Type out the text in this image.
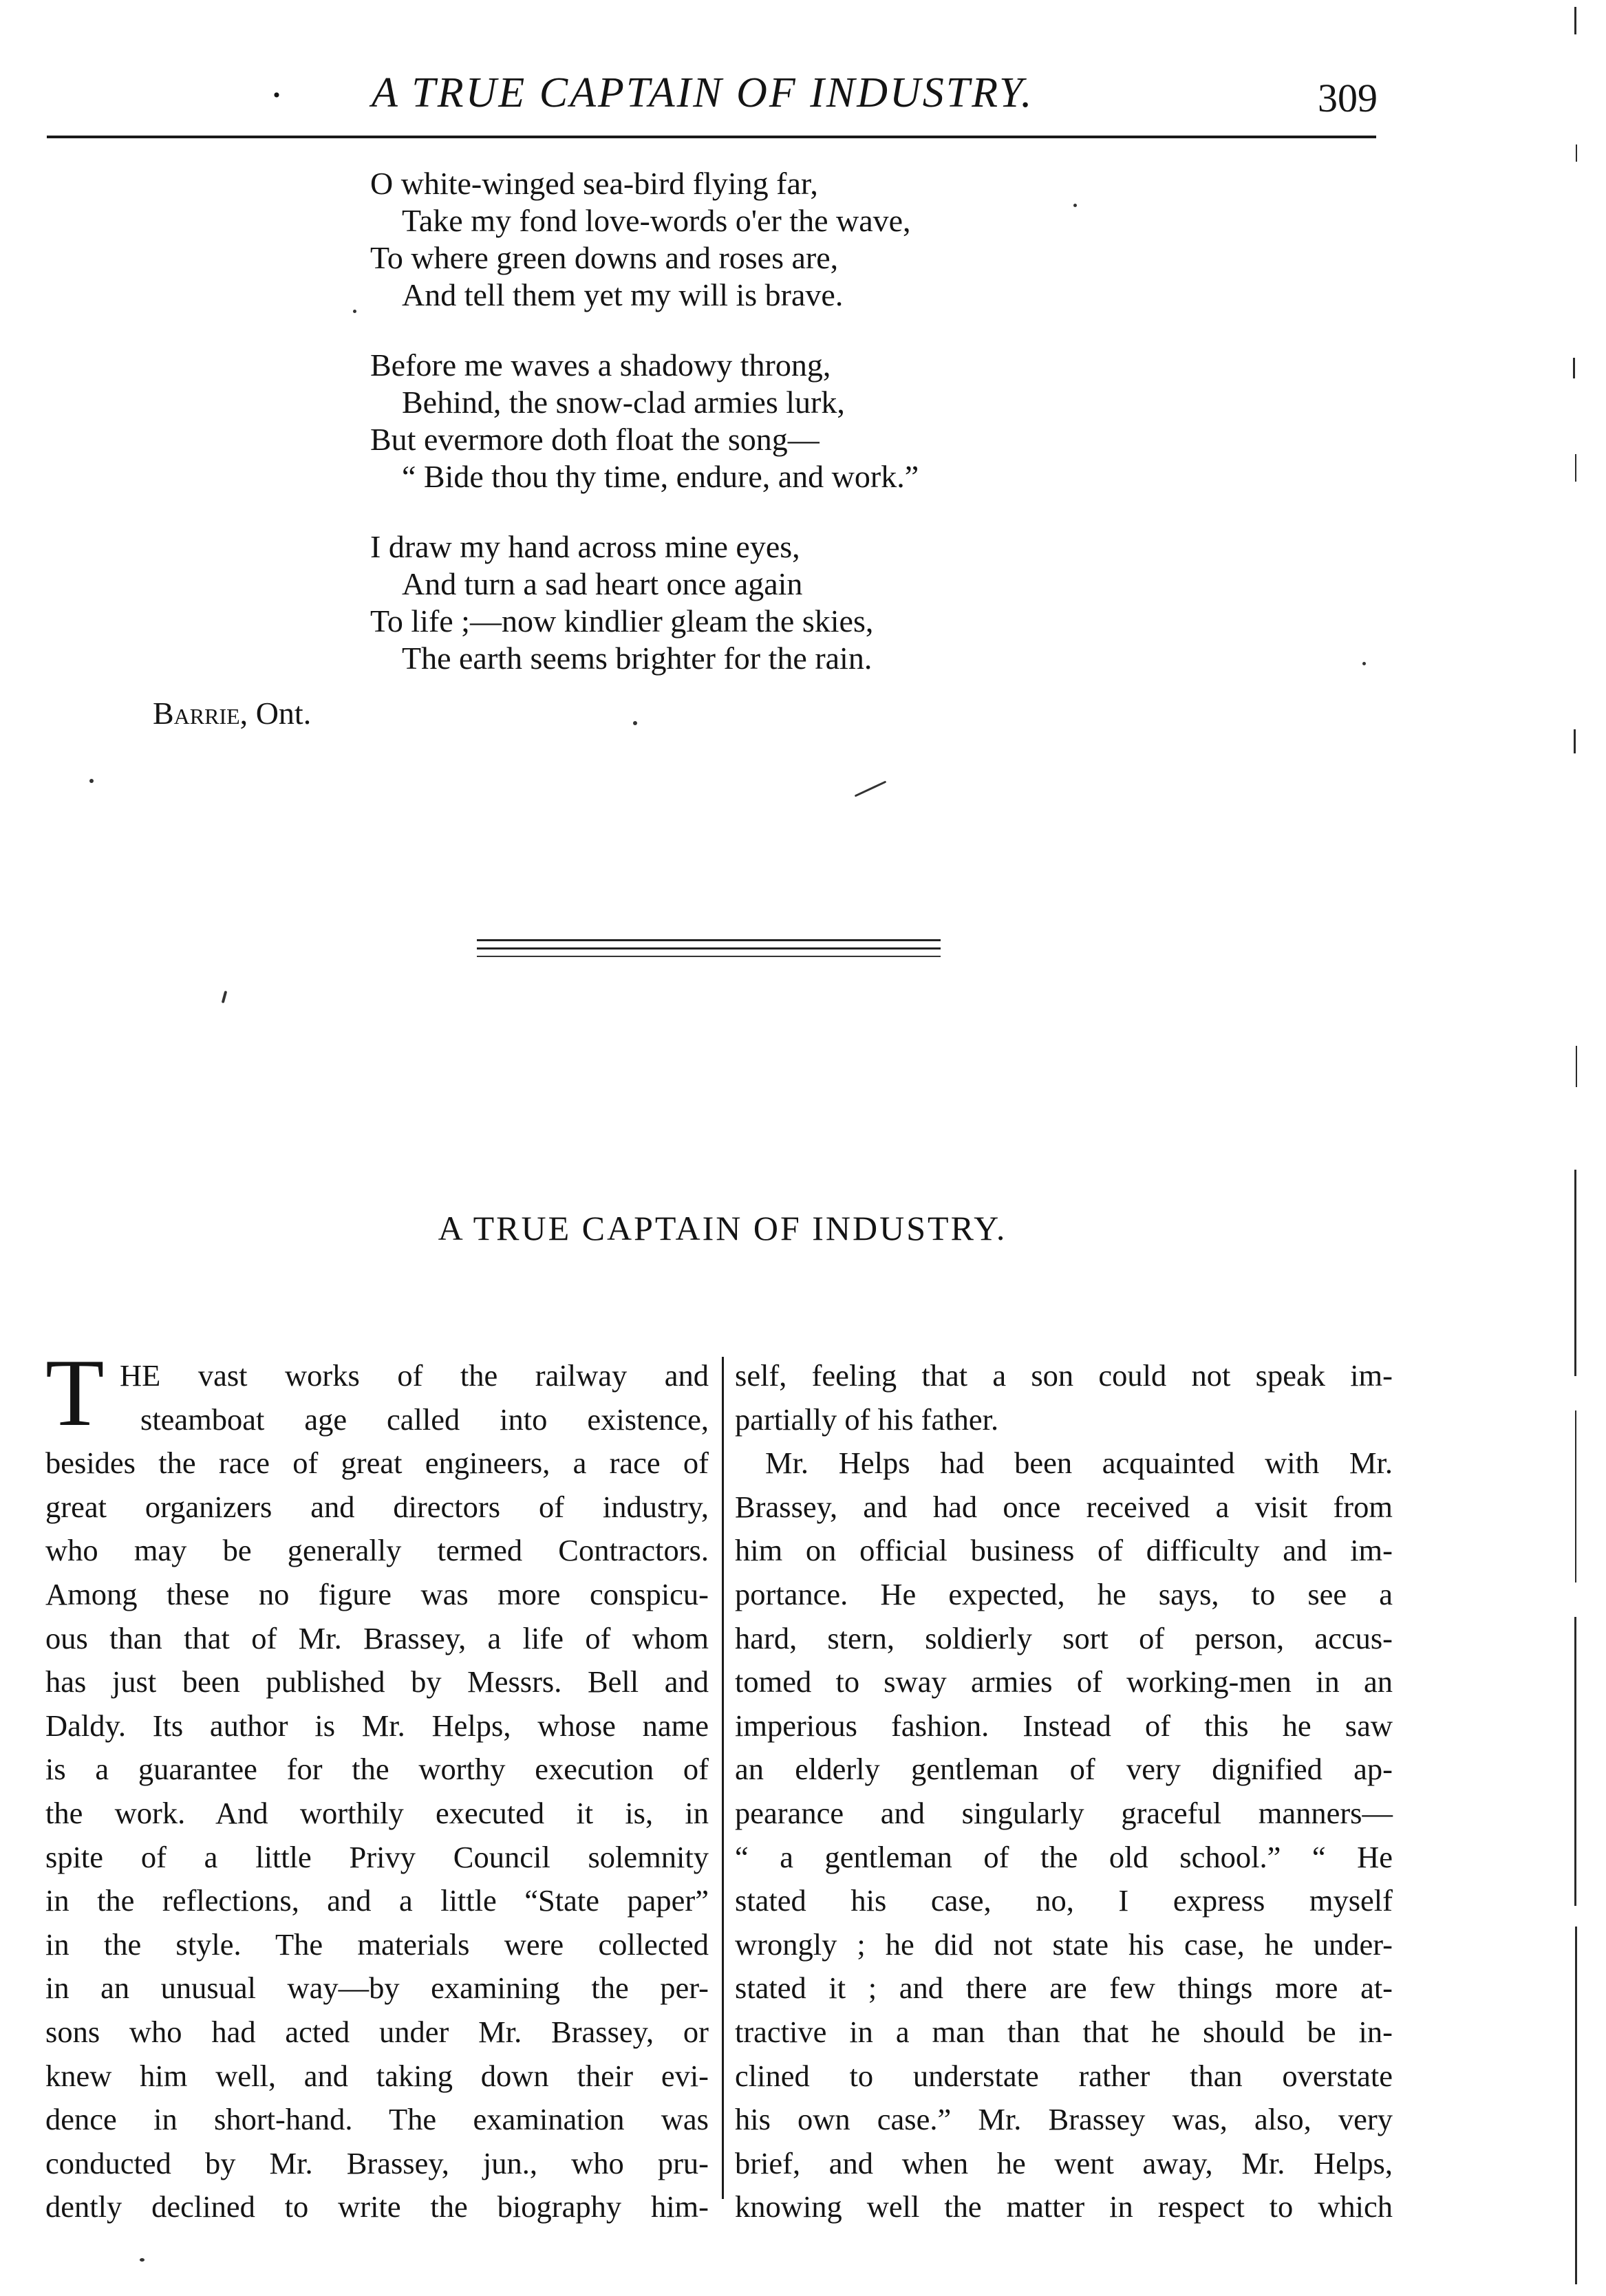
· A TRUE CAPTAIN OF INDUSTRY.	309
O white-winged sea-bird flying far,
Take my fond love-words o'er the wave,
To where green downs and roses are,
And tell them yet my will is brave.
Before me waves a shadowy throng,
Behind, the snow-clad armies lurk,
But evermore doth float the song—
“ Bide thou thy time, endure, and work.”
I draw my hand across mine eyes,
And turn a sad heart once again
To life ;—now kindlier gleam the skies,
The earth seems brighter for the rain.
Barrie, Ont.
A TRUE CAPTAIN OF INDUSTRY.
T HE vast works of the railway and
steamboat age called into existence,
besides the race of great engineers, a race of
great organizers and directors of industry,
who may be generally termed Contractors.
Among these no figure was more conspicu-
ous than that of Mr. Brassey, a life of whom
has just been published by Messrs. Bell and
Daldy. Its author is Mr. Helps, whose name
is a guarantee for the worthy execution of
the work. And worthily executed it is, in
spite of a little Privy Council solemnity
in the reflections, and a little “State paper”
in the style. The materials were collected
in an unusual way—by examining the per-
sons who had acted under Mr. Brassey, or
knew him well, and taking down their evi-
dence in short-hand. The examination was
conducted by Mr. Brassey, jun., who pru-
dently declined to write the biography him-
self, feeling that a son could not speak im-
partially of his father.
Mr. Helps had been acquainted with Mr.
Brassey, and had once received a visit from
him on official business of difficulty and im-
portance. He expected, he says, to see a
hard, stern, soldierly sort of person, accus-
tomed to sway armies of working-men in an
imperious fashion. Instead of this he saw
an elderly gentleman of very dignified ap-
pearance and singularly graceful manners—
“ a gentleman of the old school.” “ He
stated his case, no, I express myself
wrongly ; he did not state his case, he under-
stated it ; and there are few things more at-
tractive in a man than that he should be in-
clined to understate rather than overstate
his own case.” Mr. Brassey was, also, very
brief, and when he went away, Mr. Helps,
knowing well the matter in respect to which
